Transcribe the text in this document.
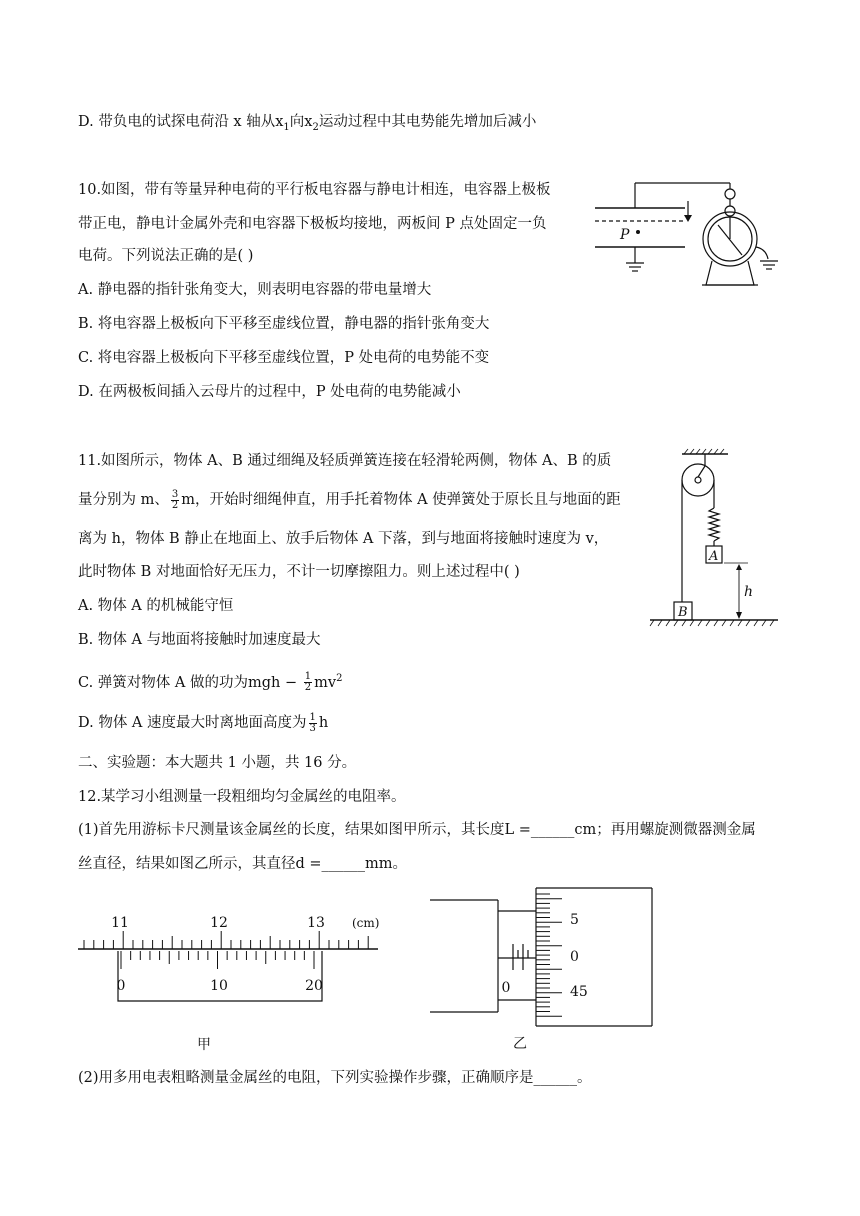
D. 带负电的试探电荷沿 x 轴从$x_1$向$x_2$运动过程中其电势能先增加后减小
10.如图，带有等量异种电荷的平行板电容器与静电计相连，电容器上极板
带正电，静电计金属外壳和电容器下极板均接地，两板间 P 点处固定一负
电荷。下列说法正确的是( )
A. 静电器的指针张角变大，则表明电容器的带电量增大
B. 将电容器上极板向下平移至虚线位置，静电器的指针张角变大
C. 将电容器上极板向下平移至虚线位置，P 处电荷的电势能不变
D. 在两极板间插入云母片的过程中，P 处电荷的电势能减小
P
11.如图所示，物体 A、B 通过细绳及轻质弹簧连接在轻滑轮两侧，物体 A、B 的质
量分别为 m、 $\frac{3}{2}$ m，开始时细绳伸直，用手托着物体 A 使弹簧处于原长且与地面的距
离为 h，物体 B 静止在地面上、放手后物体 A 下落，到与地面将接触时速度为 v，
此时物体 B 对地面恰好无压力，不计一切摩擦阻力。则上述过程中( )
A. 物体 A 的机械能守恒
B. 物体 A 与地面将接触时加速度最大
C. 弹簧对物体 A 做的功为mgh − $\frac{1}{2} mv^2$
D. 物体 A 速度最大时离地面高度为 $\frac{1}{3}$ h
A
B
h
二、实验题：本大题共 1 小题，共 16 分。
12.某学习小组测量一段粗细均匀金属丝的电阻率。
(1)首先用游标卡尺测量该金属丝的长度，结果如图甲所示，其长度L =______cm；再用螺旋测微器测金属
丝直径，结果如图乙所示，其直径d =______mm。
11	12	13 (cm)
0	10	20
甲
0
5
0
45
乙
(2)用多用电表粗略测量金属丝的电阻，下列实验操作步骤，正确顺序是______。
